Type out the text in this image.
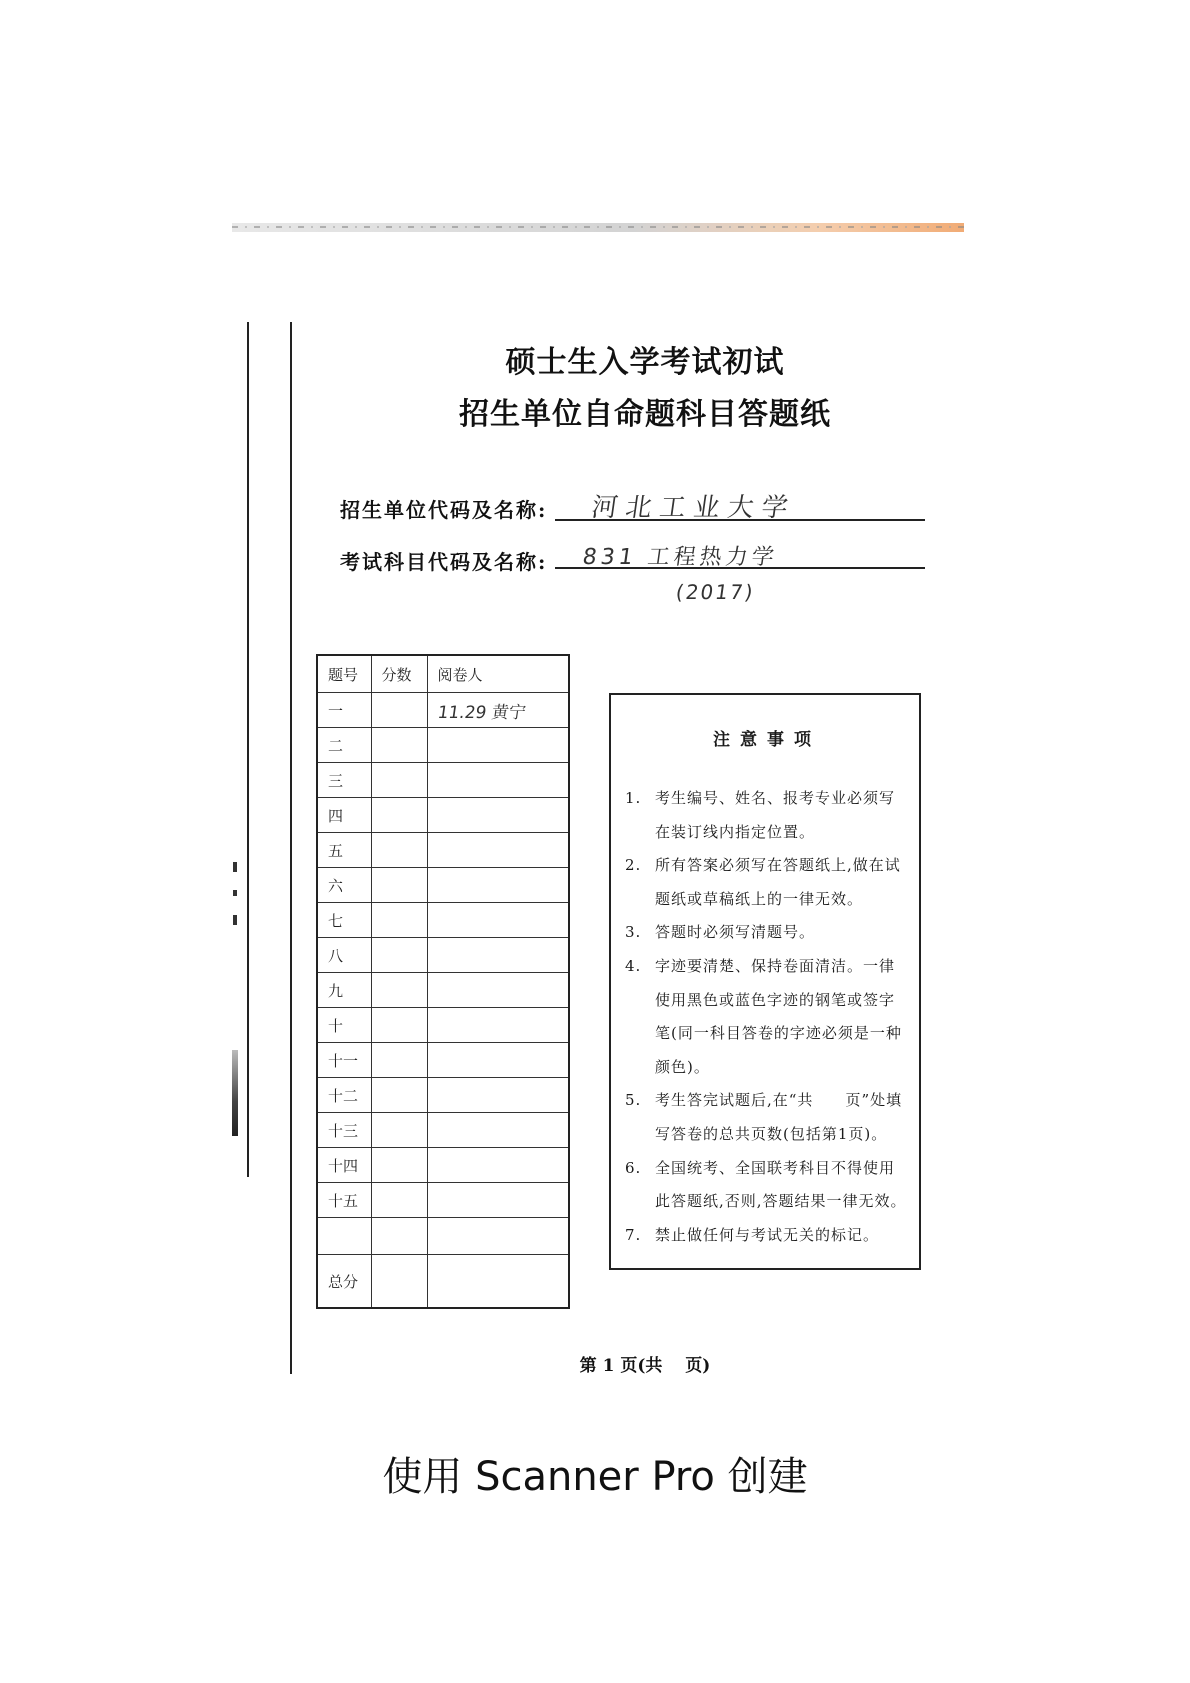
硕士生入学考试初试
招生单位自命题科目答题纸
招生单位代码及名称: 河北工业大学
考试科目代码及名称: 831 工程热力学
(2017)
题号	分数	阅卷人
一		11.29 黄宁
二		
三		
四		
五		
六		
七		
八		
九		
十		
十一		
十二		
十三		
十四		
十五		

总分		
注意事项
1. 考生编号、姓名、报考专业必须写在装订线内指定位置。
2. 所有答案必须写在答题纸上,做在试题纸或草稿纸上的一律无效。
3. 答题时必须写清题号。
4. 字迹要清楚、保持卷面清洁。一律使用黑色或蓝色字迹的钢笔或签字笔(同一科目答卷的字迹必须是一种颜色)。
5. 考生答完试题后,在“共　　页”处填写答卷的总共页数(包括第1页)。
6. 全国统考、全国联考科目不得使用此答题纸,否则,答题结果一律无效。
7. 禁止做任何与考试无关的标记。
第 1 页(共　 页)
使用 Scanner Pro 创建
